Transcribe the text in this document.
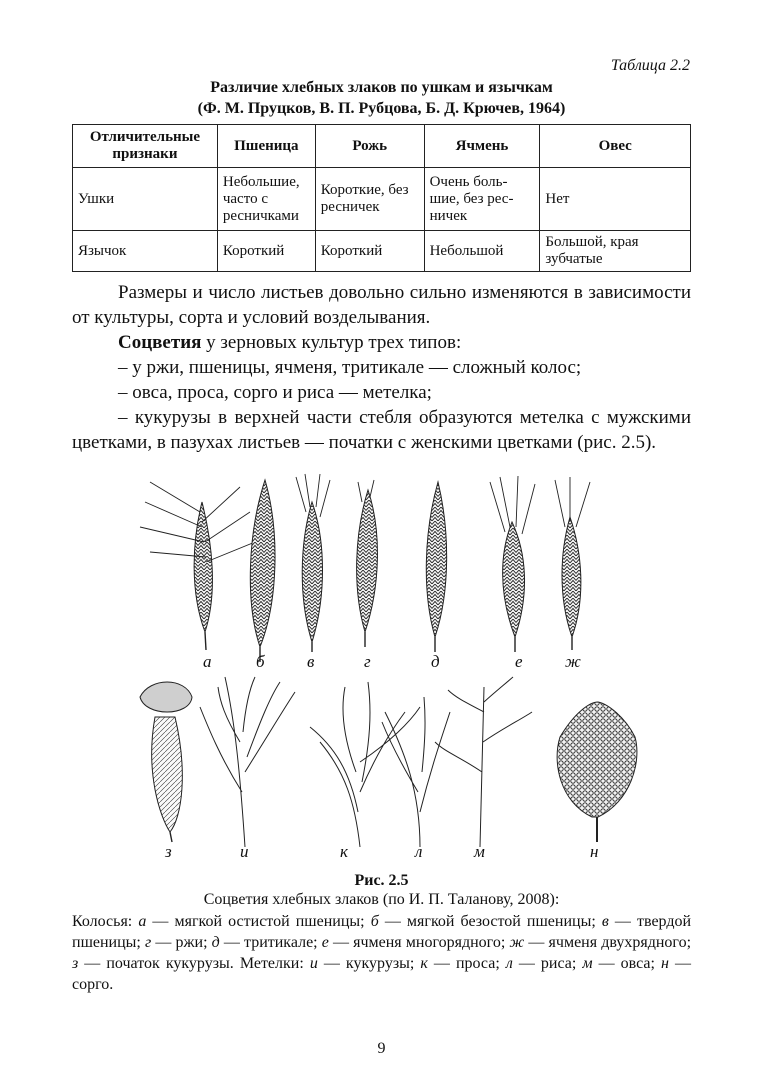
Таблица 2.2
Различие хлебных злаков по ушкам и язычкам
(Ф. М. Пруцков, В. П. Рубцова, Б. Д. Крючев, 1964)
Отличительные признаки	Пшеница	Рожь	Ячмень	Овес
Ушки	Небольшие, часто с ресничками	Короткие, без ресничек	Очень боль-шие, без рес-ничек	Нет
Язычок	Короткий	Короткий	Небольшой	Большой, края зубчатые

Размеры и число листьев довольно сильно изменяются в зависимости от культуры, сорта и условий возделывания.

Соцветия у зерновых культур трех типов:

– у ржи, пшеницы, ячменя, тритикале — сложный колос;

– овса, проса, сорго и риса — метелка;

– кукурузы в верхней части стебля образуются метелка с мужскими цветками, в пазухах листьев — початки с женскими цветками (рис. 2.5).

а	б в	г	д	е ж
з	и	к	л	м	н
Рис. 2.5
Соцветия хлебных злаков (по И. П. Таланову, 2008):
Колосья: а — мягкой остистой пшеницы; б — мягкой безостой пшеницы; в — твердой пшеницы; г — ржи; д — тритикале; е — ячменя многорядного; ж — ячменя двухрядного; з — початок кукурузы. Метелки: и — кукурузы; к — проса; л — риса; м — овса; н — сорго.
9
